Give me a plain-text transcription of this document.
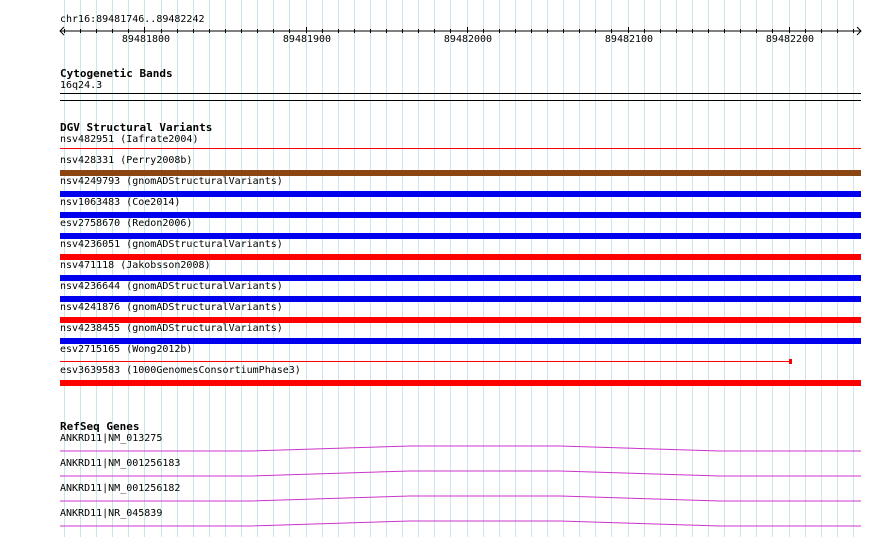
chr16:89481746..89482242
89481800	89481900	89482000	89482100	89482200
Cytogenetic Bands
16q24.3
DGV Structural Variants
nsv482951 (Iafrate2004)
nsv428331 (Perry2008b)
nsv4249793 (gnomADStructuralVariants)
nsv1063483 (Coe2014)
esv2758670 (Redon2006)
nsv4236051 (gnomADStructuralVariants)
nsv471118 (Jakobsson2008)
nsv4236644 (gnomADStructuralVariants)
nsv4241876 (gnomADStructuralVariants)
nsv4238455 (gnomADStructuralVariants)
esv2715165 (Wong2012b)
esv3639583 (1000GenomesConsortiumPhase3)
RefSeq Genes
ANKRD11|NM_013275
ANKRD11|NM_001256183
ANKRD11|NM_001256182
ANKRD11|NR_045839
